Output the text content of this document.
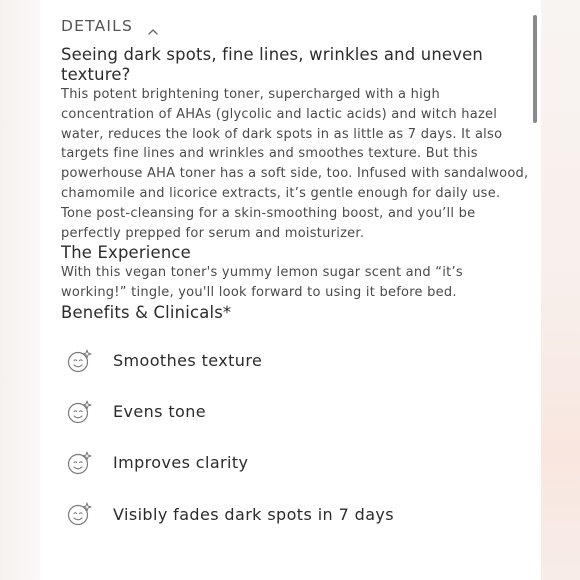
DETAILS
Seeing dark spots, fine lines, wrinkles and uneven texture?

This potent brightening toner, supercharged with a high concentration of AHAs (glycolic and lactic acids) and witch hazel water, reduces the look of dark spots in as little as 7 days. It also targets fine lines and wrinkles and smoothes texture. But this powerhouse AHA toner has a soft side, too. Infused with sandalwood, chamomile and licorice extracts, it’s gentle enough for daily use. Tone post-cleansing for a skin-smoothing boost, and you’ll be perfectly prepped for serum and moisturizer.

The Experience

With this vegan toner's yummy lemon sugar scent and “it’s working!” tingle, you'll look forward to using it before bed.

Benefits & Clinicals*
Smoothes texture
Evens tone
Improves clarity
Visibly fades dark spots in 7 days
